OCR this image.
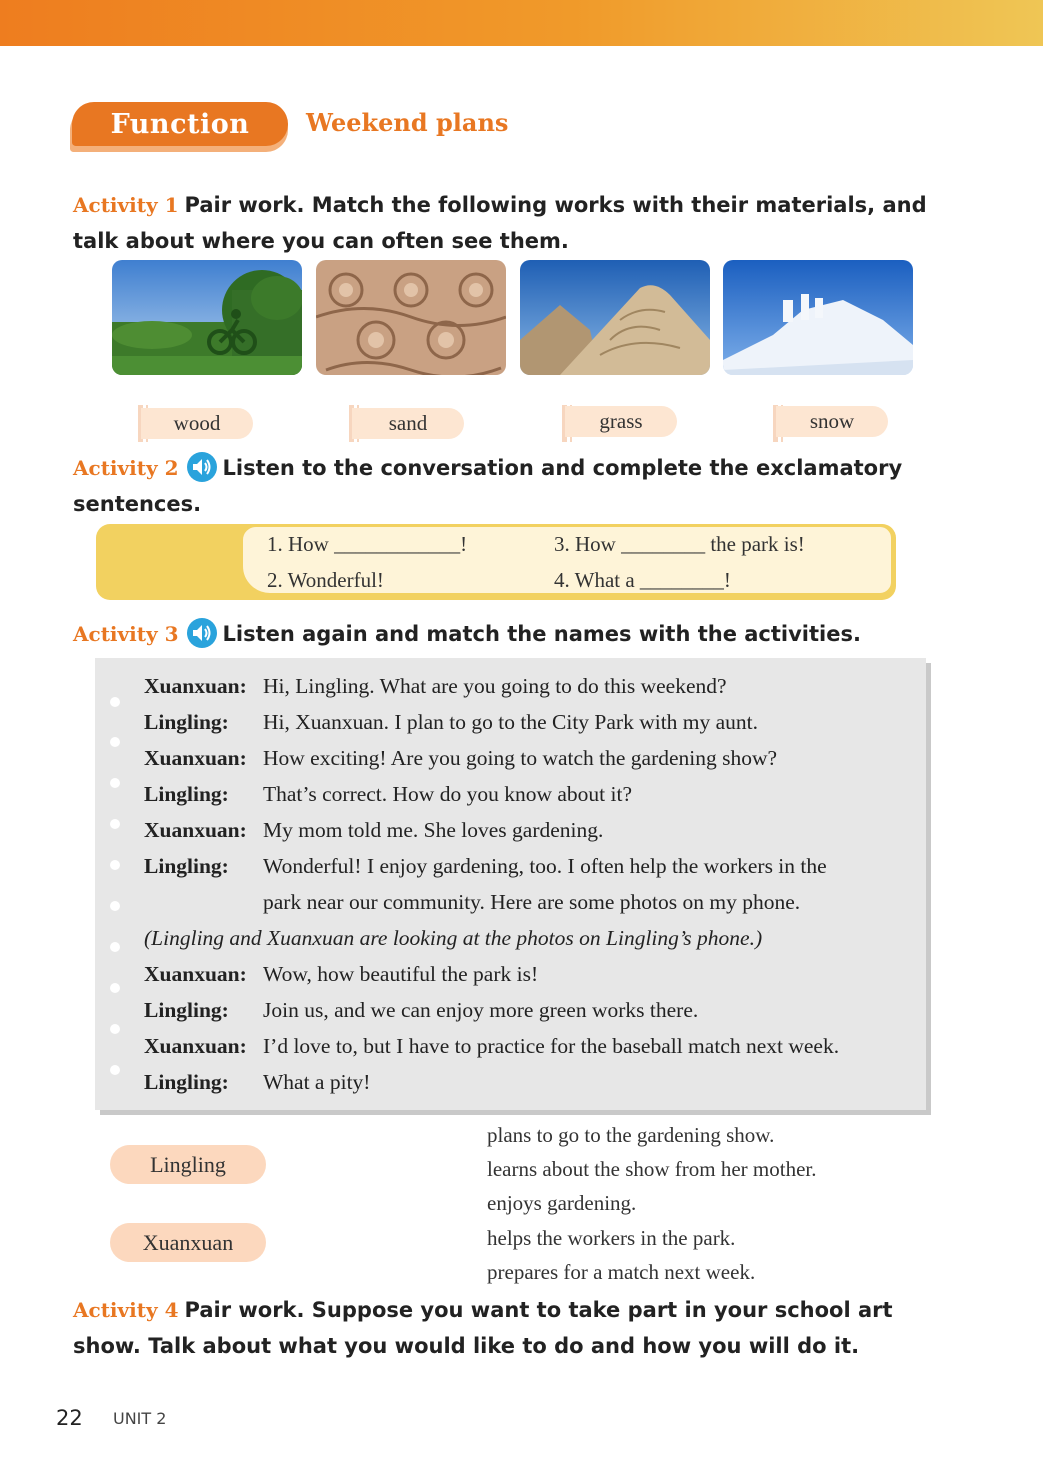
Function	Weekend plans
Activity 1 Pair work. Match the following works with their materials, and
talk about where you can often see them.
wood	sand	grass	snow
Activity 2 Listen to the conversation and complete the exclamatory
sentences.
1. How ____________!
2. Wonderful!
3. How ________ the park is!
4. What a ________!
Activity 3 Listen again and match the names with the activities.
Xuanxuan: Hi, Lingling. What are you going to do this weekend?
Lingling: Hi, Xuanxuan. I plan to go to the City Park with my aunt.
Xuanxuan: How exciting! Are you going to watch the gardening show?
Lingling: That’s correct. How do you know about it?
Xuanxuan: My mom told me. She loves gardening.
Lingling: Wonderful! I enjoy gardening, too. I often help the workers in the
park near our community. Here are some photos on my phone.
(Lingling and Xuanxuan are looking at the photos on Lingling’s phone.)
Xuanxuan: Wow, how beautiful the park is!
Lingling: Join us, and we can enjoy more green works there.
Xuanxuan: I’d love to, but I have to practice for the baseball match next week.
Lingling: What a pity!
Lingling
Xuanxuan
plans to go to the gardening show.
learns about the show from her mother.
enjoys gardening.
helps the workers in the park.
prepares for a match next week.
Activity 4 Pair work. Suppose you want to take part in your school art
show. Talk about what you would like to do and how you will do it.
22 UNIT 2
